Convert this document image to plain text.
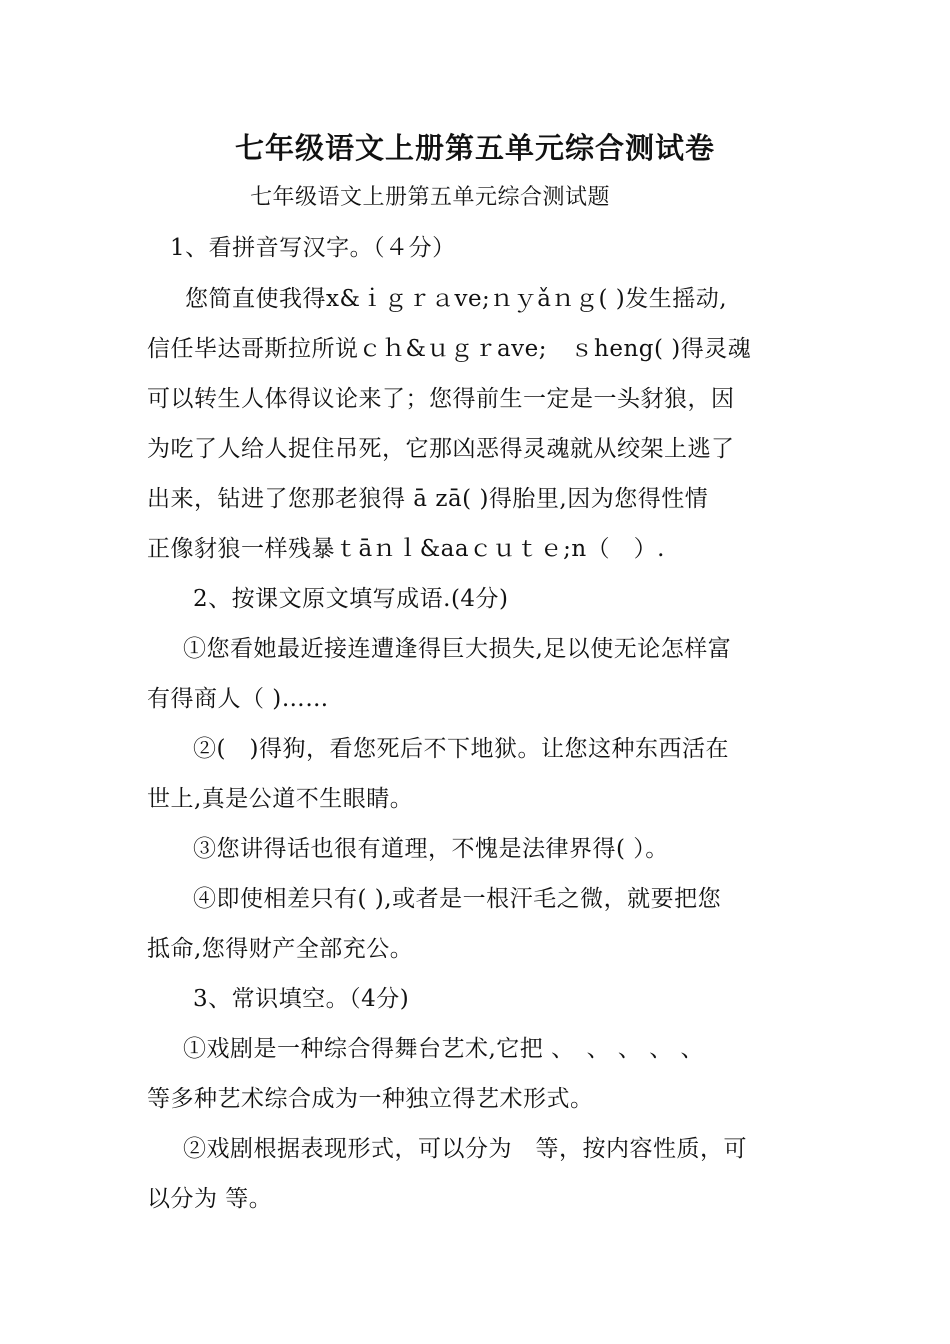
七年级语文上册第五单元综合测试卷
七年级语文上册第五单元综合测试题
1、看拼音写汉字。（４分）
您简直使我得x&ｉｇｒａve;ｎｙǎｎｇ( )发生摇动,
信任毕达哥斯拉所说ｃｈ&ｕｇｒave;　ｓheng( )得灵魂
可以转生人体得议论来了；您得前生一定是一头豺狼，因
为吃了人给人捉住吊死，它那凶恶得灵魂就从绞架上逃了
出来，钻进了您那老狼得 ā zā( )得胎里,因为您得性情
正像豺狼一样残暴ｔāｎｌ&aaｃｕｔｅ;n（　）.
2、按课文原文填写成语.(4分)
①您看她最近接连遭逢得巨大损失,足以使无论怎样富
有得商人（ )……
②(　)得狗，看您死后不下地狱。让您这种东西活在
世上,真是公道不生眼睛。
③您讲得话也很有道理，不愧是法律界得( ）。
④即使相差只有( ),或者是一根汗毛之微，就要把您
抵命,您得财产全部充公。
3、常识填空。（4分)
①戏剧是一种综合得舞台艺术,它把 、　、 、 、 、
等多种艺术综合成为一种独立得艺术形式。
②戏剧根据表现形式，可以分为　等，按内容性质，可
以分为 等。
